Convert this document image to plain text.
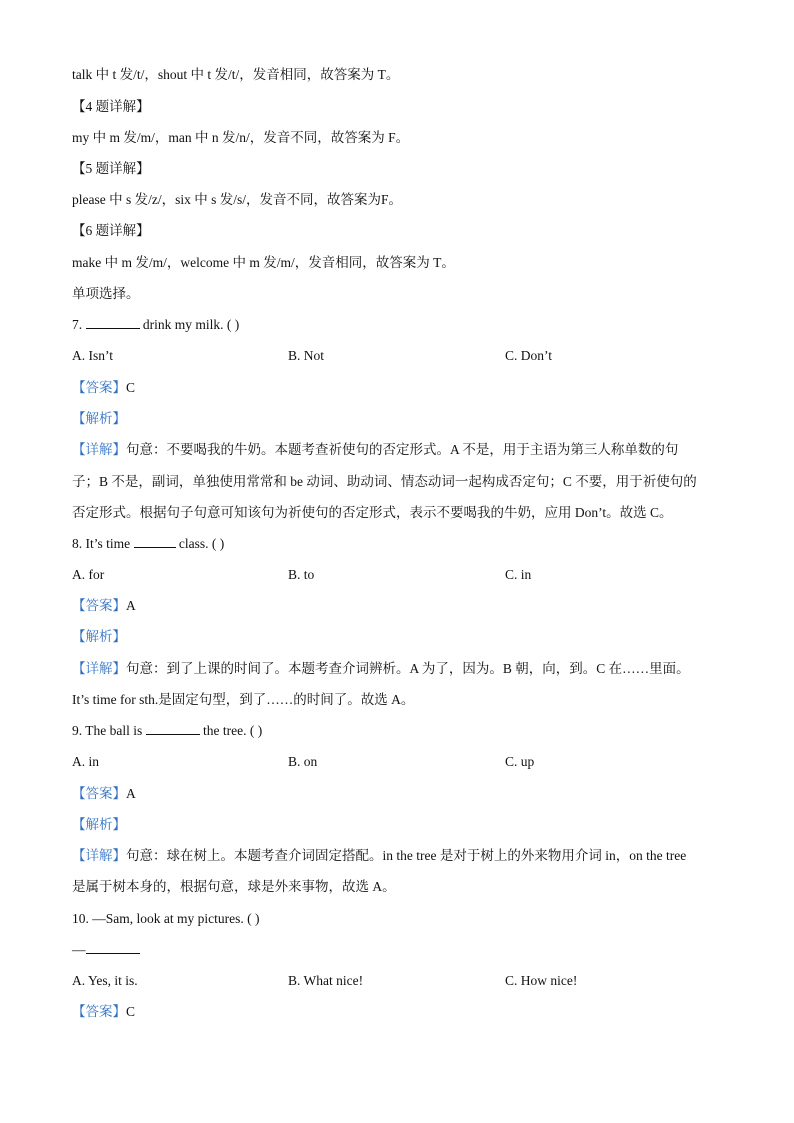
talk 中 t 发/t/，shout 中 t 发/t/，发音相同，故答案为 T。
【4 题详解】
my 中 m 发/m/，man 中 n 发/n/，发音不同，故答案为 F。
【5 题详解】
please 中 s 发/z/，six 中 s 发/s/，发音不同，故答案为F。
【6 题详解】
make 中 m 发/m/，welcome 中 m 发/m/，发音相同，故答案为 T。
单项选择。
7.	drink my milk. ( )
A. Isn’t	B. Not	C. Don’t
【答案】C
【解析】
【详解】句意：不要喝我的牛奶。本题考查祈使句的否定形式。A 不是，用于主语为第三人称单数的句
子；B 不是，副词，单独使用常常和 be 动词、助动词、情态动词一起构成否定句；C 不要，用于祈使句的
否定形式。根据句子句意可知该句为祈使句的否定形式，表示不要喝我的牛奶，应用 Don’t。故选 C。
8. It’s time	class. ( )
A. for	B. to	C. in
【答案】A
【解析】
【详解】句意：到了上课的时间了。本题考查介词辨析。A 为了，因为。B 朝，向，到。C 在……里面。
It’s time for sth.是固定句型，到了……的时间了。故选 A。
9. The ball is	the tree. ( )
A. in	B. on	C. up
【答案】A
【解析】
【详解】句意：球在树上。本题考查介词固定搭配。in the tree 是对于树上的外来物用介词 in，on the tree
是属于树本身的，根据句意，球是外来事物，故选 A。
10. —Sam, look at my pictures. ( )
—
A. Yes, it is.	B. What nice!	C. How nice!
【答案】C
